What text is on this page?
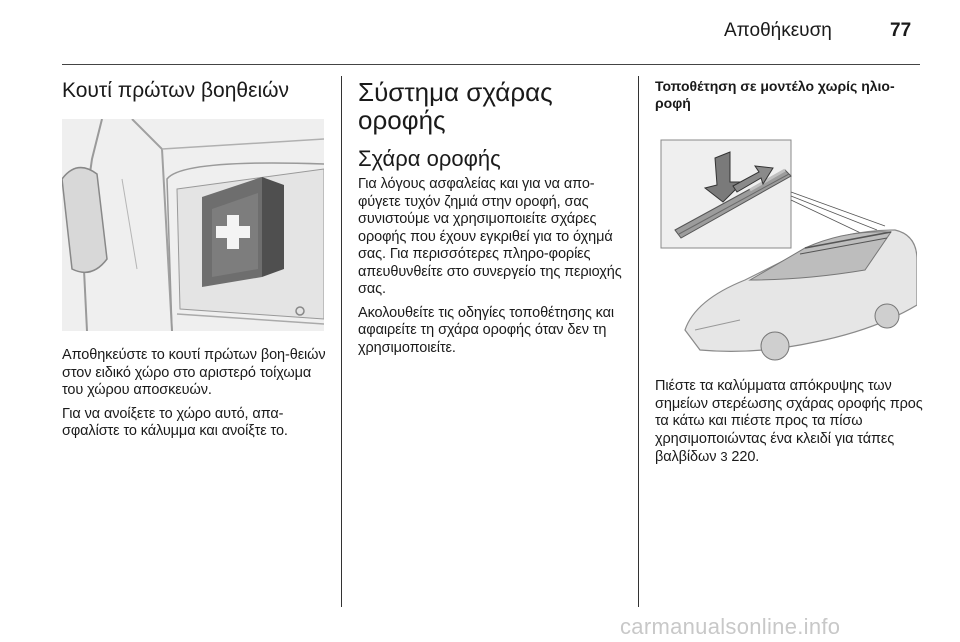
Αποθήκευση	77
Κουτί πρώτων βοηθειών

Αποθηκεύστε το κουτί πρώτων βοη-θειών στον ειδικό χώρο στο αριστερό τοίχωμα του χώρου αποσκευών.

Για να ανοίξετε το χώρο αυτό, απα-σφαλίστε το κάλυμμα και ανοίξτε το.

Σύστημα σχάρας οροφής
Σχάρα οροφής

Για λόγους ασφαλείας και για να απο-φύγετε τυχόν ζημιά στην οροφή, σας συνιστούμε να χρησιμοποιείτε σχάρες οροφής που έχουν εγκριθεί για το όχημά σας. Για περισσότερες πληρο-φορίες απευθυνθείτε στο συνεργείο της περιοχής σας.

Ακολουθείτε τις οδηγίες τοποθέτησης και αφαιρείτε τη σχάρα οροφής όταν δεν τη χρησιμοποιείτε.

Τοποθέτηση σε μοντέλο χωρίς ηλιο-ροφή

Πιέστε τα καλύμματα απόκρυψης των σημείων στερέωσης σχάρας οροφής προς τα κάτω και πιέστε προς τα πίσω χρησιμοποιώντας ένα κλειδί για τάπες βαλβίδων 3 220.

carmanualsonline.info
